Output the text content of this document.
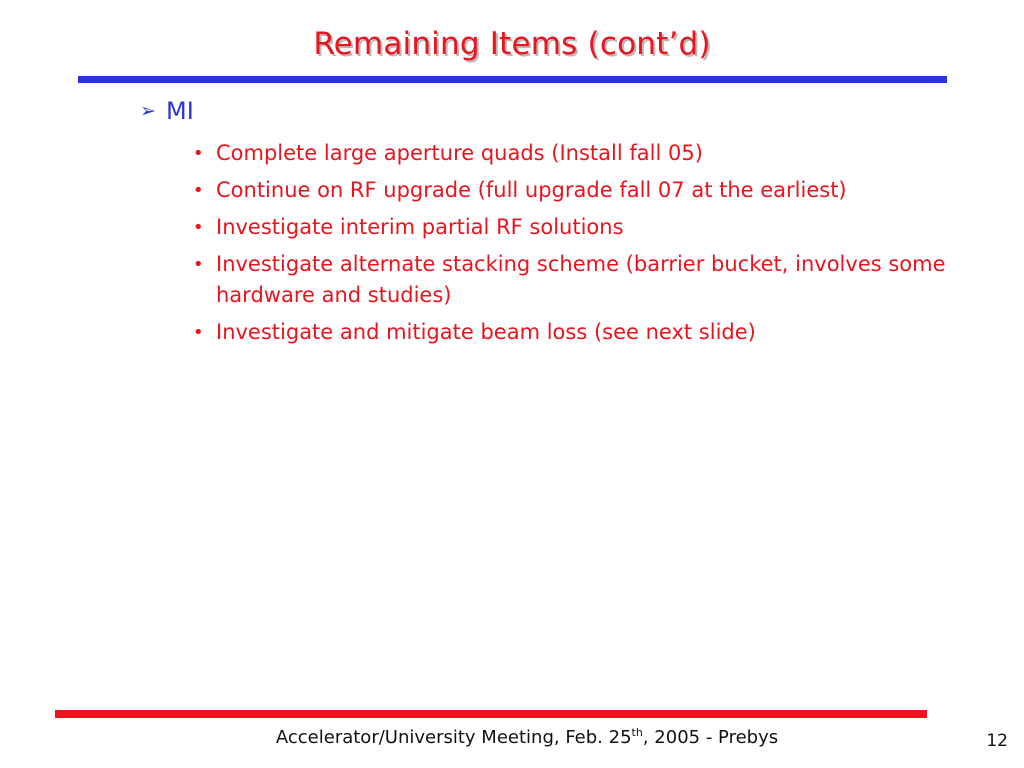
Remaining Items (cont’d)
➢ MI
• Complete large aperture quads (Install fall 05)
• Continue on RF upgrade (full upgrade fall 07 at the earliest)
• Investigate interim partial RF solutions
• Investigate alternate stacking scheme (barrier bucket, involves some hardware and studies)
• Investigate and mitigate beam loss (see next slide)
Accelerator/University Meeting, Feb. 25th, 2005 - Prebys	12
